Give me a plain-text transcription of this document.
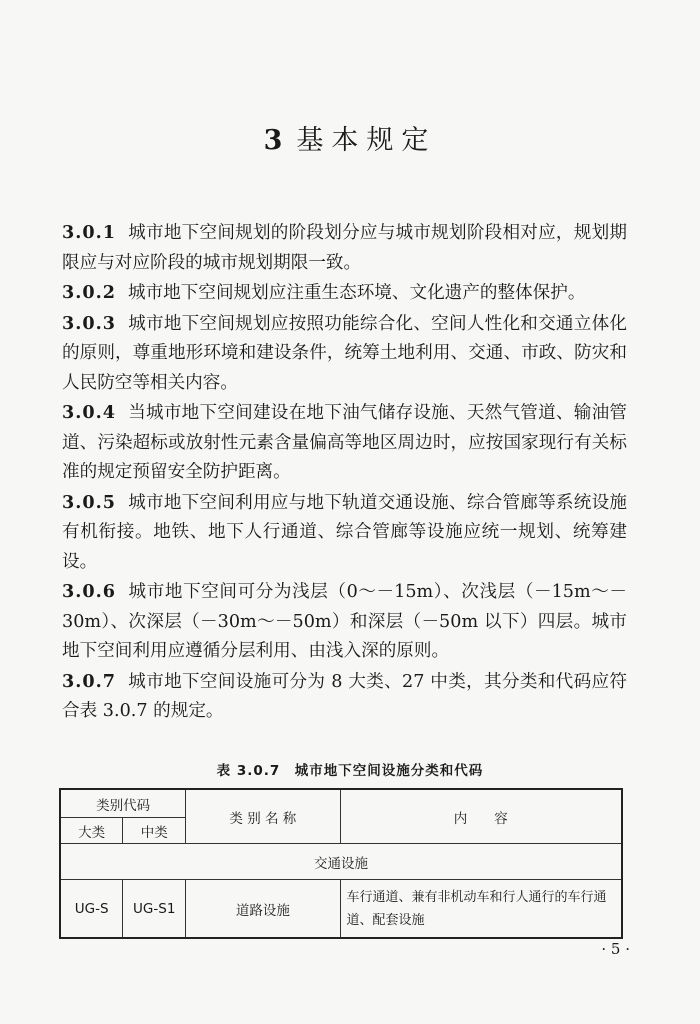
3 基本规定

3.0.1 城市地下空间规划的阶段划分应与城市规划阶段相对应，规划期限应与对应阶段的城市规划期限一致。

3.0.2 城市地下空间规划应注重生态环境、文化遗产的整体保护。

3.0.3 城市地下空间规划应按照功能综合化、空间人性化和交通立体化的原则，尊重地形环境和建设条件，统筹土地利用、交通、市政、防灾和人民防空等相关内容。

3.0.4 当城市地下空间建设在地下油气储存设施、天然气管道、输油管道、污染超标或放射性元素含量偏高等地区周边时，应按国家现行有关标准的规定预留安全防护距离。

3.0.5 城市地下空间利用应与地下轨道交通设施、综合管廊等系统设施有机衔接。地铁、地下人行通道、综合管廊等设施应统一规划、统筹建设。

3.0.6 城市地下空间可分为浅层（0～－15m）、次浅层（－15m～－30m）、次深层（－30m～－50m）和深层（－50m 以下）四层。城市地下空间利用应遵循分层利用、由浅入深的原则。

3.0.7 城市地下空间设施可分为 8 大类、27 中类，其分类和代码应符合表 3.0.7 的规定。

表 3.0.7　城市地下空间设施分类和代码
类别代码		类 别 名 称	内　　容
大类	中类		
交通设施			
UG-S	UG-S1	道路设施	车行通道、兼有非机动车和行人通行的车行通道、配套设施
· 5 ·
